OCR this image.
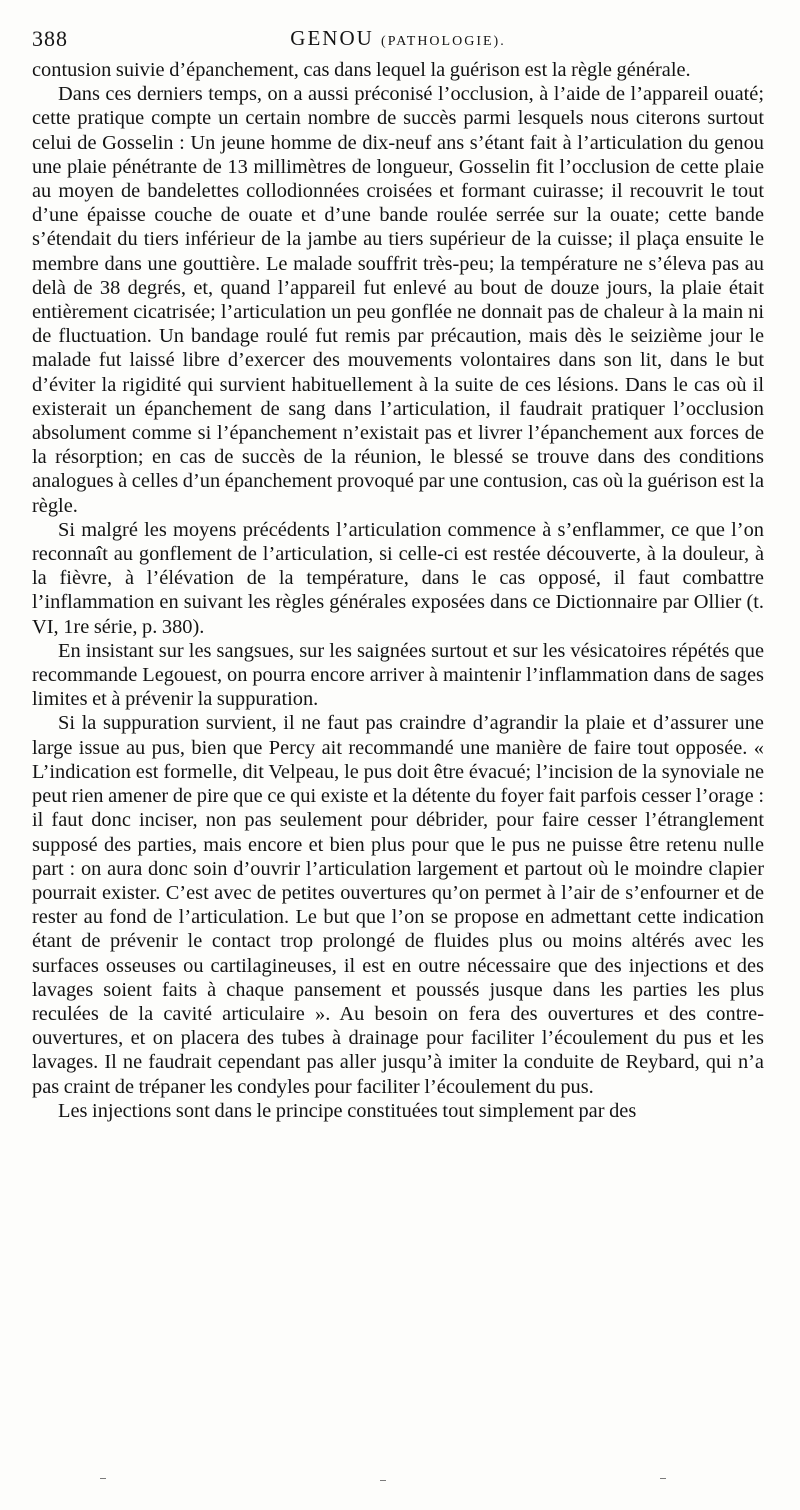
388	GENOU (PATHOLOGIE).

contusion suivie d’épanchement, cas dans lequel la guérison est la règle générale.

Dans ces derniers temps, on a aussi préconisé l’occlusion, à l’aide de l’appareil ouaté; cette pratique compte un certain nombre de succès parmi lesquels nous citerons surtout celui de Gosselin : Un jeune homme de dix-neuf ans s’étant fait à l’articulation du genou une plaie pénétrante de 13 millimètres de longueur, Gosselin fit l’occlusion de cette plaie au moyen de bandelettes collodionnées croisées et formant cuirasse; il recouvrit le tout d’une épaisse couche de ouate et d’une bande roulée serrée sur la ouate; cette bande s’étendait du tiers inférieur de la jambe au tiers supérieur de la cuisse; il plaça ensuite le membre dans une gouttière. Le malade souffrit très-peu; la température ne s’éleva pas au delà de 38 degrés, et, quand l’appareil fut enlevé au bout de douze jours, la plaie était entièrement cicatrisée; l’articulation un peu gonflée ne donnait pas de chaleur à la main ni de fluctuation. Un bandage roulé fut remis par précaution, mais dès le seizième jour le malade fut laissé libre d’exercer des mouvements volontaires dans son lit, dans le but d’éviter la rigidité qui survient habituellement à la suite de ces lésions. Dans le cas où il existerait un épanchement de sang dans l’articulation, il faudrait pratiquer l’occlusion absolument comme si l’épanchement n’existait pas et livrer l’épanchement aux forces de la résorption; en cas de succès de la réunion, le blessé se trouve dans des conditions analogues à celles d’un épanchement provoqué par une contusion, cas où la guérison est la règle.

Si malgré les moyens précédents l’articulation commence à s’enflammer, ce que l’on reconnaît au gonflement de l’articulation, si celle-ci est restée découverte, à la douleur, à la fièvre, à l’élévation de la température, dans le cas opposé, il faut combattre l’inflammation en suivant les règles générales exposées dans ce Dictionnaire par Ollier (t. VI, 1re série, p. 380).

En insistant sur les sangsues, sur les saignées surtout et sur les vésicatoires répétés que recommande Legouest, on pourra encore arriver à maintenir l’inflammation dans de sages limites et à prévenir la suppuration.

Si la suppuration survient, il ne faut pas craindre d’agrandir la plaie et d’assurer une large issue au pus, bien que Percy ait recommandé une manière de faire tout opposée. « L’indication est formelle, dit Velpeau, le pus doit être évacué; l’incision de la synoviale ne peut rien amener de pire que ce qui existe et la détente du foyer fait parfois cesser l’orage : il faut donc inciser, non pas seulement pour débrider, pour faire cesser l’étranglement supposé des parties, mais encore et bien plus pour que le pus ne puisse être retenu nulle part : on aura donc soin d’ouvrir l’articulation largement et partout où le moindre clapier pourrait exister. C’est avec de petites ouvertures qu’on permet à l’air de s’enfourner et de rester au fond de l’articulation. Le but que l’on se propose en admettant cette indication étant de prévenir le contact trop prolongé de fluides plus ou moins altérés avec les surfaces osseuses ou cartilagineuses, il est en outre nécessaire que des injections et des lavages soient faits à chaque pansement et poussés jusque dans les parties les plus reculées de la cavité articulaire ». Au besoin on fera des ouvertures et des contre-ouvertures, et on placera des tubes à drainage pour faciliter l’écoulement du pus et les lavages. Il ne faudrait cependant pas aller jusqu’à imiter la conduite de Reybard, qui n’a pas craint de trépaner les condyles pour faciliter l’écoulement du pus.

Les injections sont dans le principe constituées tout simplement par des
